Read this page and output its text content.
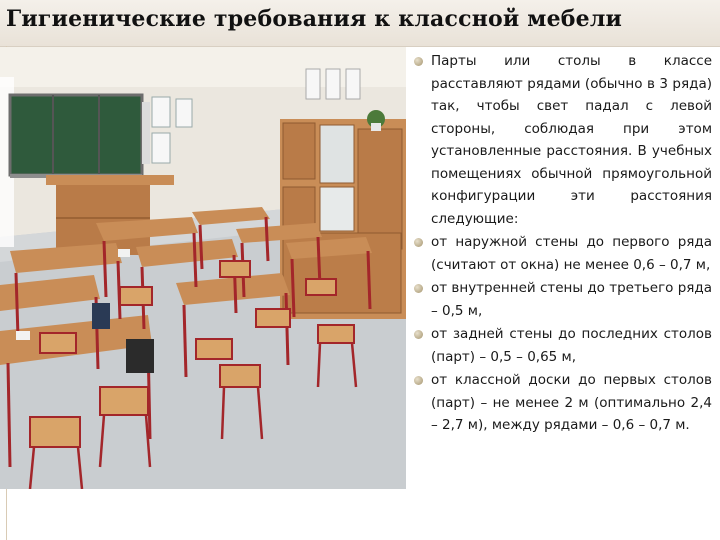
Гигиенические требования к классной мебели
Парты или столы в классе расставляют рядами (обычно в 3 ряда) так, чтобы свет падал с левой стороны, соблюдая при этом установленные расстояния. В учебных помещениях обычной прямоугольной конфигурации эти расстояния следующие:
от наружной стены до первого ряда (считают от окна) не менее 0,6 – 0,7 м,
от внутренней стены до третьего ряда – 0,5 м,
от задней стены до последних столов (парт) – 0,5 – 0,65 м,
от классной доски до первых столов (парт) – не менее 2 м (оптимально 2,4 – 2,7 м), между рядами – 0,6 – 0,7 м.
